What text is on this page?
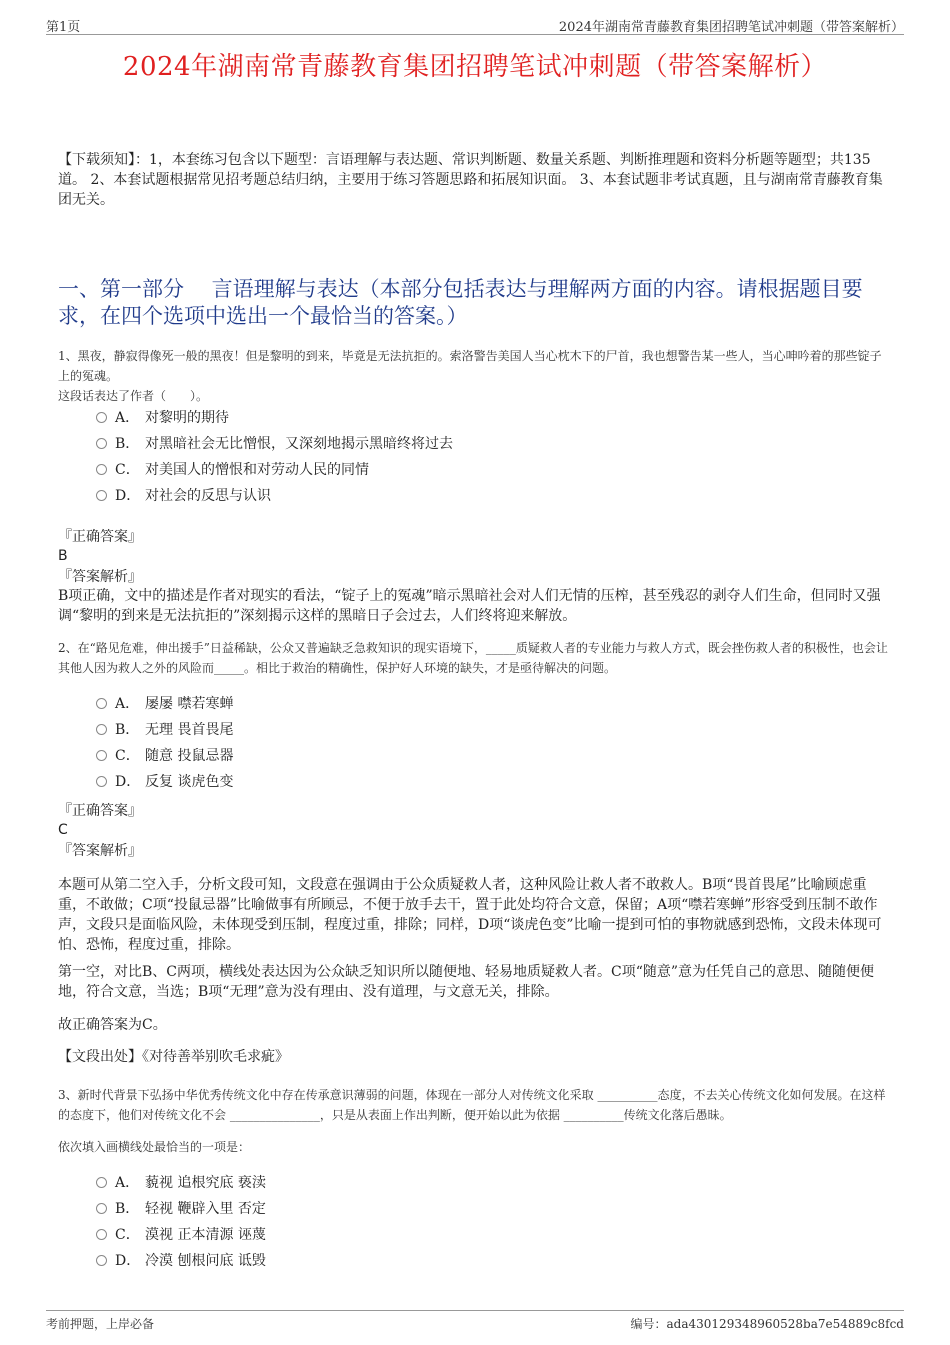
第1页	2024年湖南常青藤教育集团招聘笔试冲刺题（带答案解析）
2024年湖南常青藤教育集团招聘笔试冲刺题（带答案解析）
【下载须知】：1，本套练习包含以下题型：言语理解与表达题、常识判断题、数量关系题、判断推理题和资料分析题等题型；共135道。 2、本套试题根据常见招考题总结归纳，主要用于练习答题思路和拓展知识面。 3、本套试题非考试真题，且与湖南常青藤教育集团无关。
一、第一部分　 言语理解与表达（本部分包括表达与理解两方面的内容。请根据题目要求，在四个选项中选出一个最恰当的答案。）
1、黑夜，静寂得像死一般的黑夜！但是黎明的到来，毕竟是无法抗拒的。索洛警告美国人当心枕木下的尸首，我也想警告某一些人，当心呻吟着的那些锭子上的冤魂。
这段话表达了作者（　　）。
A． 对黎明的期待
B． 对黑暗社会无比憎恨，又深刻地揭示黑暗终将过去
C． 对美国人的憎恨和对劳动人民的同情
D． 对社会的反思与认识
『正确答案』
B
『答案解析』
B项正确，文中的描述是作者对现实的看法，“锭子上的冤魂”暗示黑暗社会对人们无情的压榨，甚至残忍的剥夺人们生命，但同时又强调“黎明的到来是无法抗拒的”深刻揭示这样的黑暗日子会过去，人们终将迎来解放。
2、在“路见危难，伸出援手”日益稀缺，公众又普遍缺乏急救知识的现实语境下，_____质疑救人者的专业能力与救人方式，既会挫伤救人者的积极性，也会让其他人因为救人之外的风险而_____。相比于救治的精确性，保护好人环境的缺失，才是亟待解决的问题。
A． 屡屡 噤若寒蝉
B． 无理 畏首畏尾
C． 随意 投鼠忌器
D． 反复 谈虎色变
『正确答案』
C
『答案解析』
本题可从第二空入手，分析文段可知，文段意在强调由于公众质疑救人者，这种风险让救人者不敢救人。B项“畏首畏尾”比喻顾虑重重，不敢做；C项“投鼠忌器”比喻做事有所顾忌，不便于放手去干，置于此处均符合文意，保留；A项“噤若寒蝉”形容受到压制不敢作声，文段只是面临风险，未体现受到压制，程度过重，排除；同样，D项“谈虎色变”比喻一提到可怕的事物就感到恐怖，文段未体现可怕、恐怖，程度过重，排除。
第一空，对比B、C两项，横线处表达因为公众缺乏知识所以随便地、轻易地质疑救人者。C项“随意”意为任凭自己的意思、随随便便地，符合文意，当选；B项“无理”意为没有理由、没有道理，与文意无关，排除。
故正确答案为C。
【文段出处】《对待善举别吹毛求疵》
3、新时代背景下弘扬中华优秀传统文化中存在传承意识薄弱的问题，体现在一部分人对传统文化采取 __________态度，不去关心传统文化如何发展。在这样的态度下，他们对传统文化不会 _______________，只是从表面上作出判断，便开始以此为依据 __________传统文化落后愚昧。
依次填入画横线处最恰当的一项是：
A． 藐视 追根究底 亵渎
B． 轻视 鞭辟入里 否定
C． 漠视 正本清源 诬蔑
D． 冷漠 刨根问底 诋毁
考前押题，上岸必备	编号：ada430129348960528ba7e54889c8fcd
